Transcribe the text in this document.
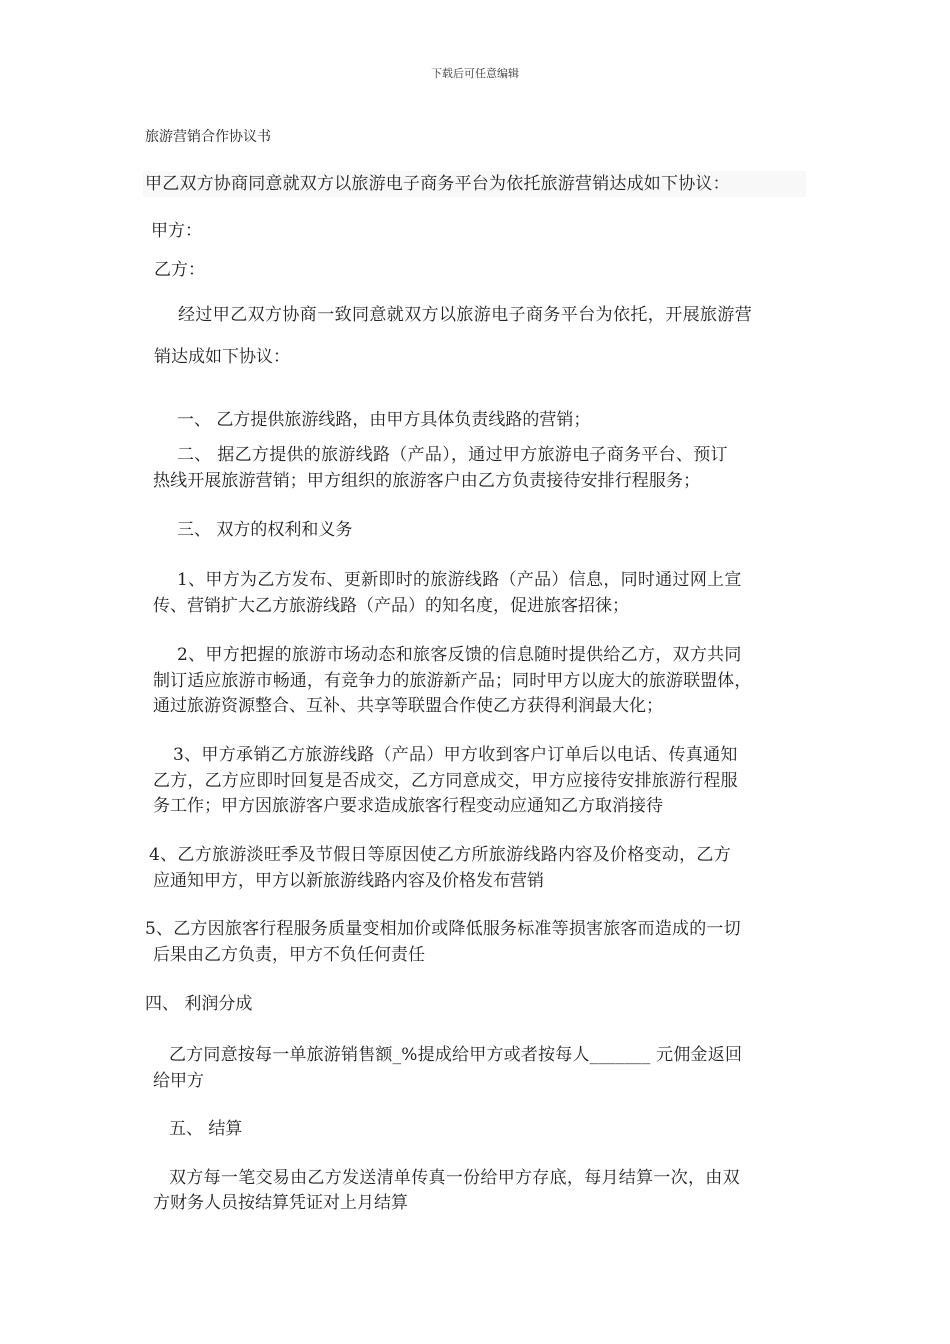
下载后可任意编辑
旅游营销合作协议书
甲乙双方协商同意就双方以旅游电子商务平台为依托旅游营销达成如下协议：
甲方：
乙方：
经过甲乙双方协商一致同意就双方以旅游电子商务平台为依托，开展旅游营
销达成如下协议：
一、 乙方提供旅游线路，由甲方具体负责线路的营销；
二、 据乙方提供的旅游线路（产品），通过甲方旅游电子商务平台、预订
热线开展旅游营销；甲方组织的旅游客户由乙方负责接待安排行程服务；
三、 双方的权利和义务
1、甲方为乙方发布、更新即时的旅游线路（产品）信息，同时通过网上宣
传、营销扩大乙方旅游线路（产品）的知名度，促进旅客招徕；
2、甲方把握的旅游市场动态和旅客反馈的信息随时提供给乙方，双方共同
制订适应旅游市畅通，有竞争力的旅游新产品；同时甲方以庞大的旅游联盟体，
通过旅游资源整合、互补、共享等联盟合作使乙方获得利润最大化；
3、甲方承销乙方旅游线路（产品）甲方收到客户订单后以电话、传真通知
乙方，乙方应即时回复是否成交，乙方同意成交，甲方应接待安排旅游行程服
务工作；甲方因旅游客户要求造成旅客行程变动应通知乙方取消接待
4、乙方旅游淡旺季及节假日等原因使乙方所旅游线路内容及价格变动，乙方
应通知甲方，甲方以新旅游线路内容及价格发布营销
5、乙方因旅客行程服务质量变相加价或降低服务标准等损害旅客而造成的一切
后果由乙方负责，甲方不负任何责任
四、 利润分成
乙方同意按每一单旅游销售额_%提成给甲方或者按每人_______ 元佣金返回
给甲方
五、 结算
双方每一笔交易由乙方发送清单传真一份给甲方存底，每月结算一次，由双
方财务人员按结算凭证对上月结算
